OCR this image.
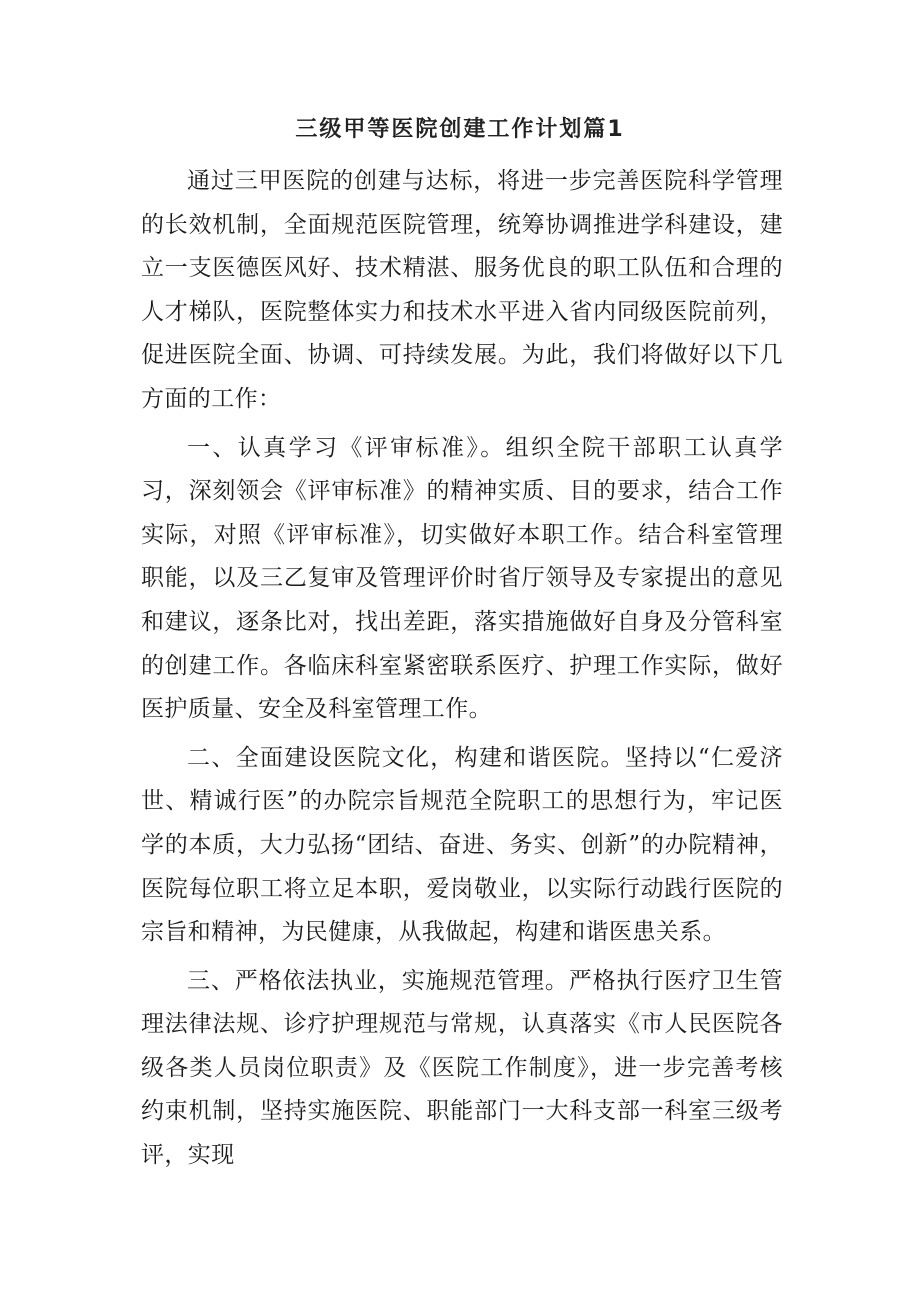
三级甲等医院创建工作计划篇1

通过三甲医院的创建与达标，将进一步完善医院科学管理的长效机制，全面规范医院管理，统筹协调推进学科建设，建立一支医德医风好、技术精湛、服务优良的职工队伍和合理的人才梯队，医院整体实力和技术水平进入省内同级医院前列，促进医院全面、协调、可持续发展。为此，我们将做好以下几方面的工作：

一、认真学习《评审标准》。组织全院干部职工认真学习，深刻领会《评审标准》的精神实质、目的要求，结合工作实际，对照《评审标准》，切实做好本职工作。结合科室管理职能，以及三乙复审及管理评价时省厅领导及专家提出的意见和建议，逐条比对，找出差距，落实措施做好自身及分管科室的创建工作。各临床科室紧密联系医疗、护理工作实际，做好医护质量、安全及科室管理工作。

二、全面建设医院文化，构建和谐医院。坚持以“仁爱济世、精诚行医”的办院宗旨规范全院职工的思想行为，牢记医学的本质，大力弘扬“团结、奋进、务实、创新”的办院精神，医院每位职工将立足本职，爱岗敬业，以实际行动践行医院的宗旨和精神，为民健康，从我做起，构建和谐医患关系。

三、严格依法执业，实施规范管理。严格执行医疗卫生管理法律法规、诊疗护理规范与常规，认真落实《市人民医院各级各类人员岗位职责》及《医院工作制度》，进一步完善考核约束机制，坚持实施医院、职能部门一大科支部一科室三级考评，实现
